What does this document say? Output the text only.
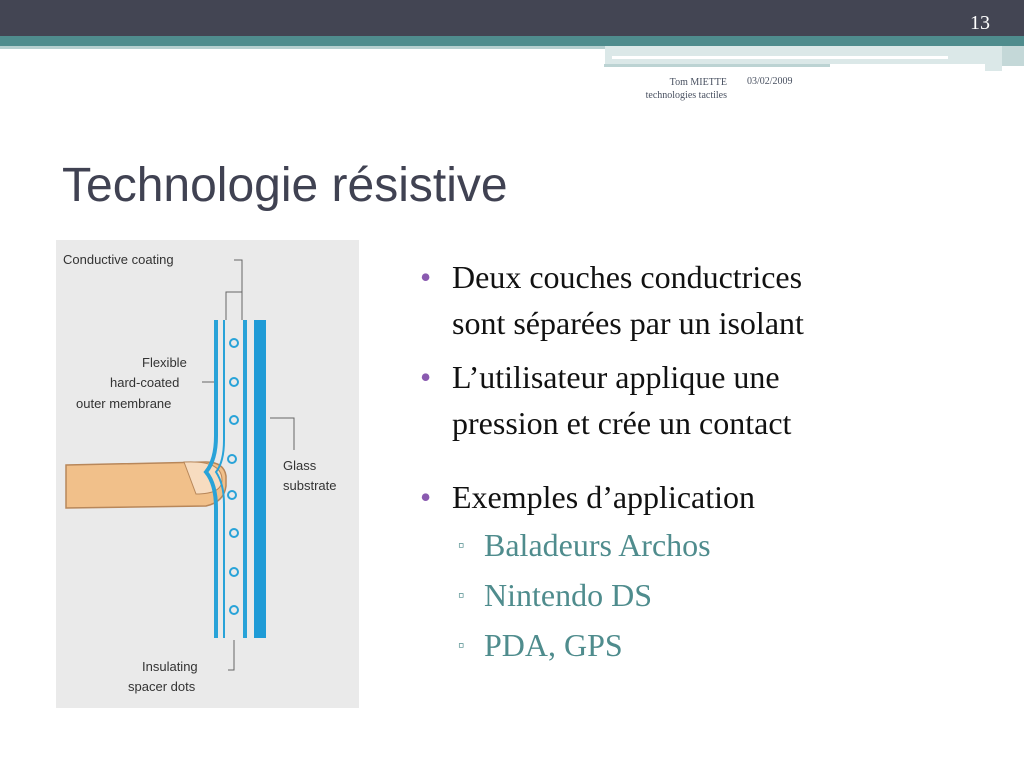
13
Tom MIETTE
technologies tactiles
03/02/2009
Technologie résistive
Conductive coating
Flexible
hard-coated
outer membrane
Glass
substrate
Insulating
spacer dots
• Deux couches conductrices
sont séparées par un isolant
• L’utilisateur applique une
pression et crée un contact
• Exemples d’application
▫ Baladeurs Archos
▫ Nintendo DS
▫ PDA, GPS
